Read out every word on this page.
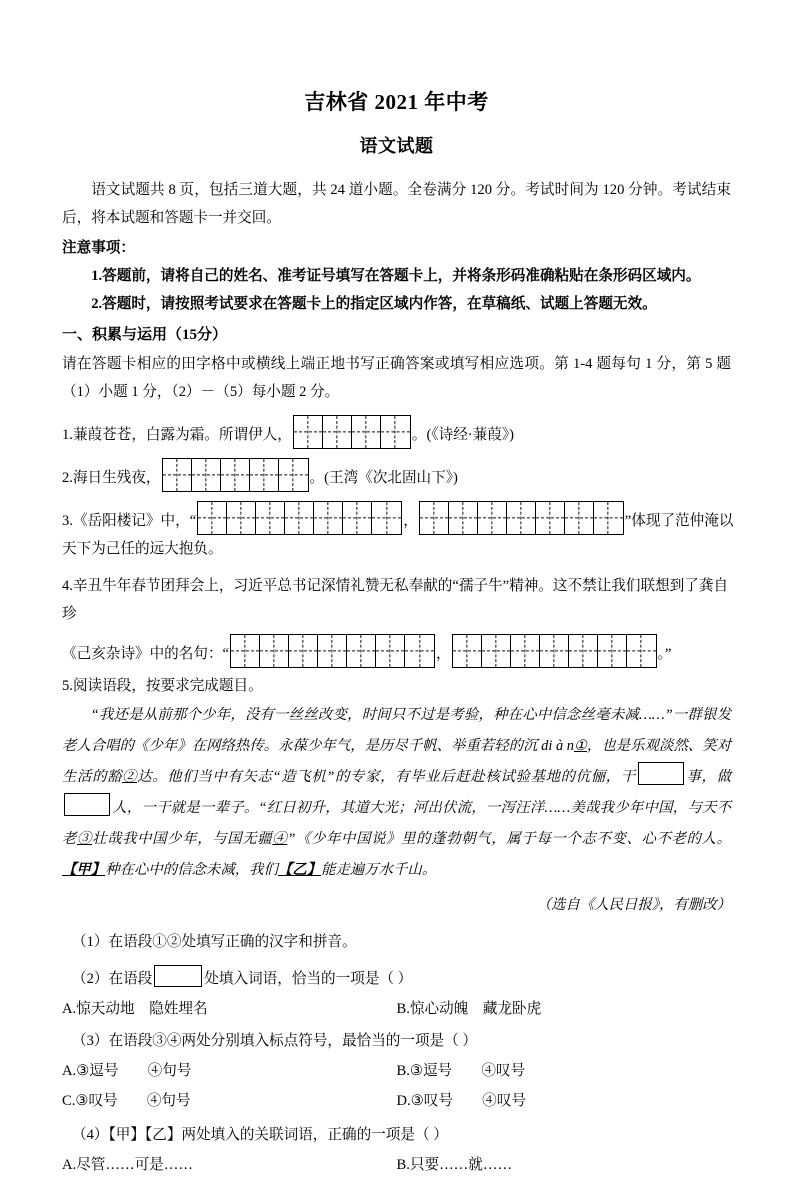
吉林省 2021 年中考
语文试题

语文试题共 8 页，包括三道大题，共 24 道小题。全卷满分 120 分。考试时间为 120 分钟。考试结束后，将本试题和答题卡一并交回。

注意事项：
1.答题前，请将自己的姓名、准考证号填写在答题卡上，并将条形码准确粘贴在条形码区域内。
2.答题时，请按照考试要求在答题卡上的指定区域内作答，在草稿纸、试题上答题无效。
一、积累与运用（15分）

请在答题卡相应的田字格中或横线上端正地书写正确答案或填写相应选项。第 1-4 题每句 1 分，第 5 题（1）小题 1 分，（2）－（5）每小题 2 分。

1. 蒹葭苍苍，白露为霜。所谓伊人，	。(《诗经·蒹葭》)
2. 海日生残夜，	。(王湾《次北固山下》)
3. 《岳阳楼记》中，“	，	”体现了范仲淹以
天下为己任的远大抱负。
4.辛丑牛年春节团拜会上，习近平总书记深情礼赞无私奉献的“孺子牛”精神。这不禁让我们联想到了龚自珍
《己亥杂诗》中的名句：“	，	。”
5.阅读语段，按要求完成题目。
“我还是从前那个少年，没有一丝丝改变，时间只不过是考验，种在心中信念丝毫未减……”一群银发老人合唱的《少年》在网络热传。永葆少年气，是历尽千帆、举重若轻的沉 di à n①，也是乐观淡然、笑对生活的豁②达。他们当中有矢志“造飞机”的专家，有毕业后赶赴核试验基地的伉俪，干	事，做人，一干就是一辈子。“红日初升，其道大光；河出伏流，一泻汪洋……美哉我少年中国，与天不老③壮哉我中国少年，与国无疆④”《少年中国说》里的蓬勃朝气，属于每一个志不变、心不老的人。【甲】种在心中的信念未减，我们【乙】能走遍万水千山。
（选自《人民日报》，有删改）
（1）在语段①②处填写正确的汉字和拼音。
（2）在语段	处填入词语，恰当的一项是（ ）
A.惊天动地　隐姓埋名	B.惊心动魄　藏龙卧虎
（3）在语段③④两处分别填入标点符号，最恰当的一项是（ ）
A.③逗号　　④句号	B.③逗号　　④叹号
C.③叹号　　④句号	D.③叹号　　④叹号
（4）【甲】【乙】两处填入的关联词语，正确的一项是（ ）
A.尽管……可是……	B.只要……就……
